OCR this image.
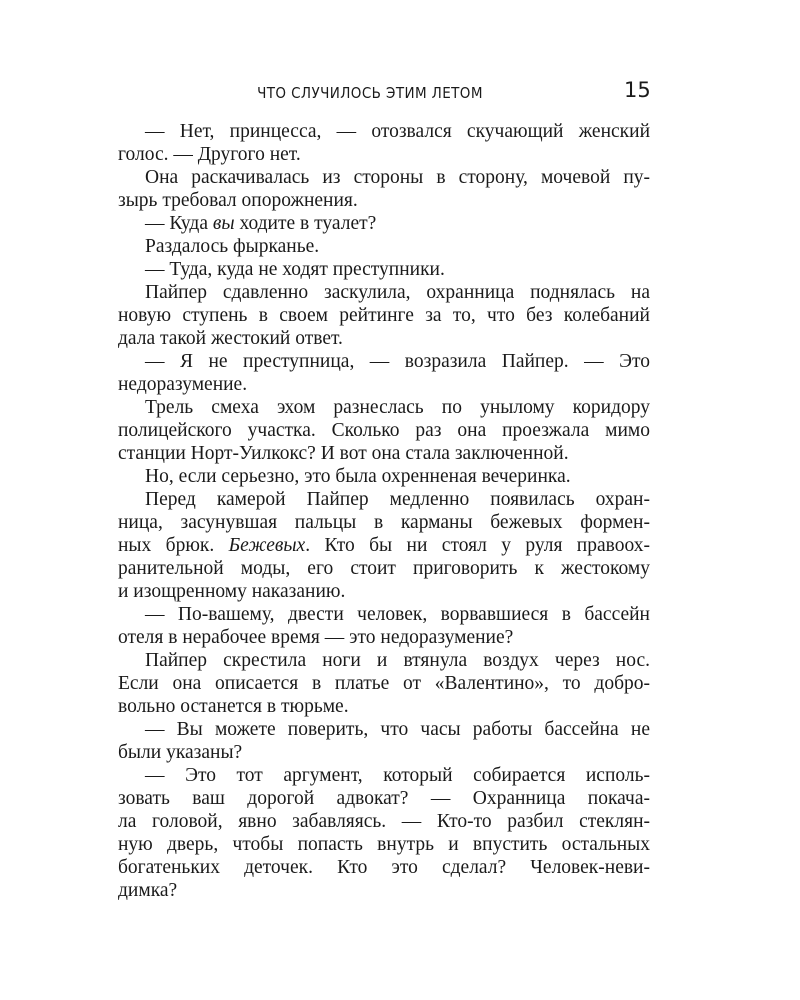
ЧТО СЛУЧИЛОСЬ ЭТИМ ЛЕТОМ	15
— Нет, принцесса, — отозвался скучающий женский
голос. — Другого нет.
Она раскачивалась из стороны в сторону, мочевой пу-
зырь требовал опорожнения.
— Куда вы ходите в туалет?
Раздалось фырканье.
— Туда, куда не ходят преступники.
Пайпер сдавленно заскулила, охранница поднялась на
новую ступень в своем рейтинге за то, что без колебаний
дала такой жестокий ответ.
— Я не преступница, — возразила Пайпер. — Это
недоразумение.
Трель смеха эхом разнеслась по унылому коридору
полицейского участка. Сколько раз она проезжала мимо
станции Норт-Уилкокс? И вот она стала заключенной.
Но, если серьезно, это была охренненая вечеринка.
Перед камерой Пайпер медленно появилась охран-
ница, засунувшая пальцы в карманы бежевых формен-
ных брюк. Бежевых. Кто бы ни стоял у руля правоох-
ранительной моды, его стоит приговорить к жестокому
и изощренному наказанию.
— По-вашему, двести человек, ворвавшиеся в бассейн
отеля в нерабочее время — это недоразумение?
Пайпер скрестила ноги и втянула воздух через нос.
Если она описается в платье от «Валентино», то добро-
вольно останется в тюрьме.
— Вы можете поверить, что часы работы бассейна не
были указаны?
— Это тот аргумент, который собирается исполь-
зовать ваш дорогой адвокат? — Охранница покача-
ла головой, явно забавляясь. — Кто-то разбил стеклян-
ную дверь, чтобы попасть внутрь и впустить остальных
богатеньких деточек. Кто это сделал? Человек-неви-
димка?
